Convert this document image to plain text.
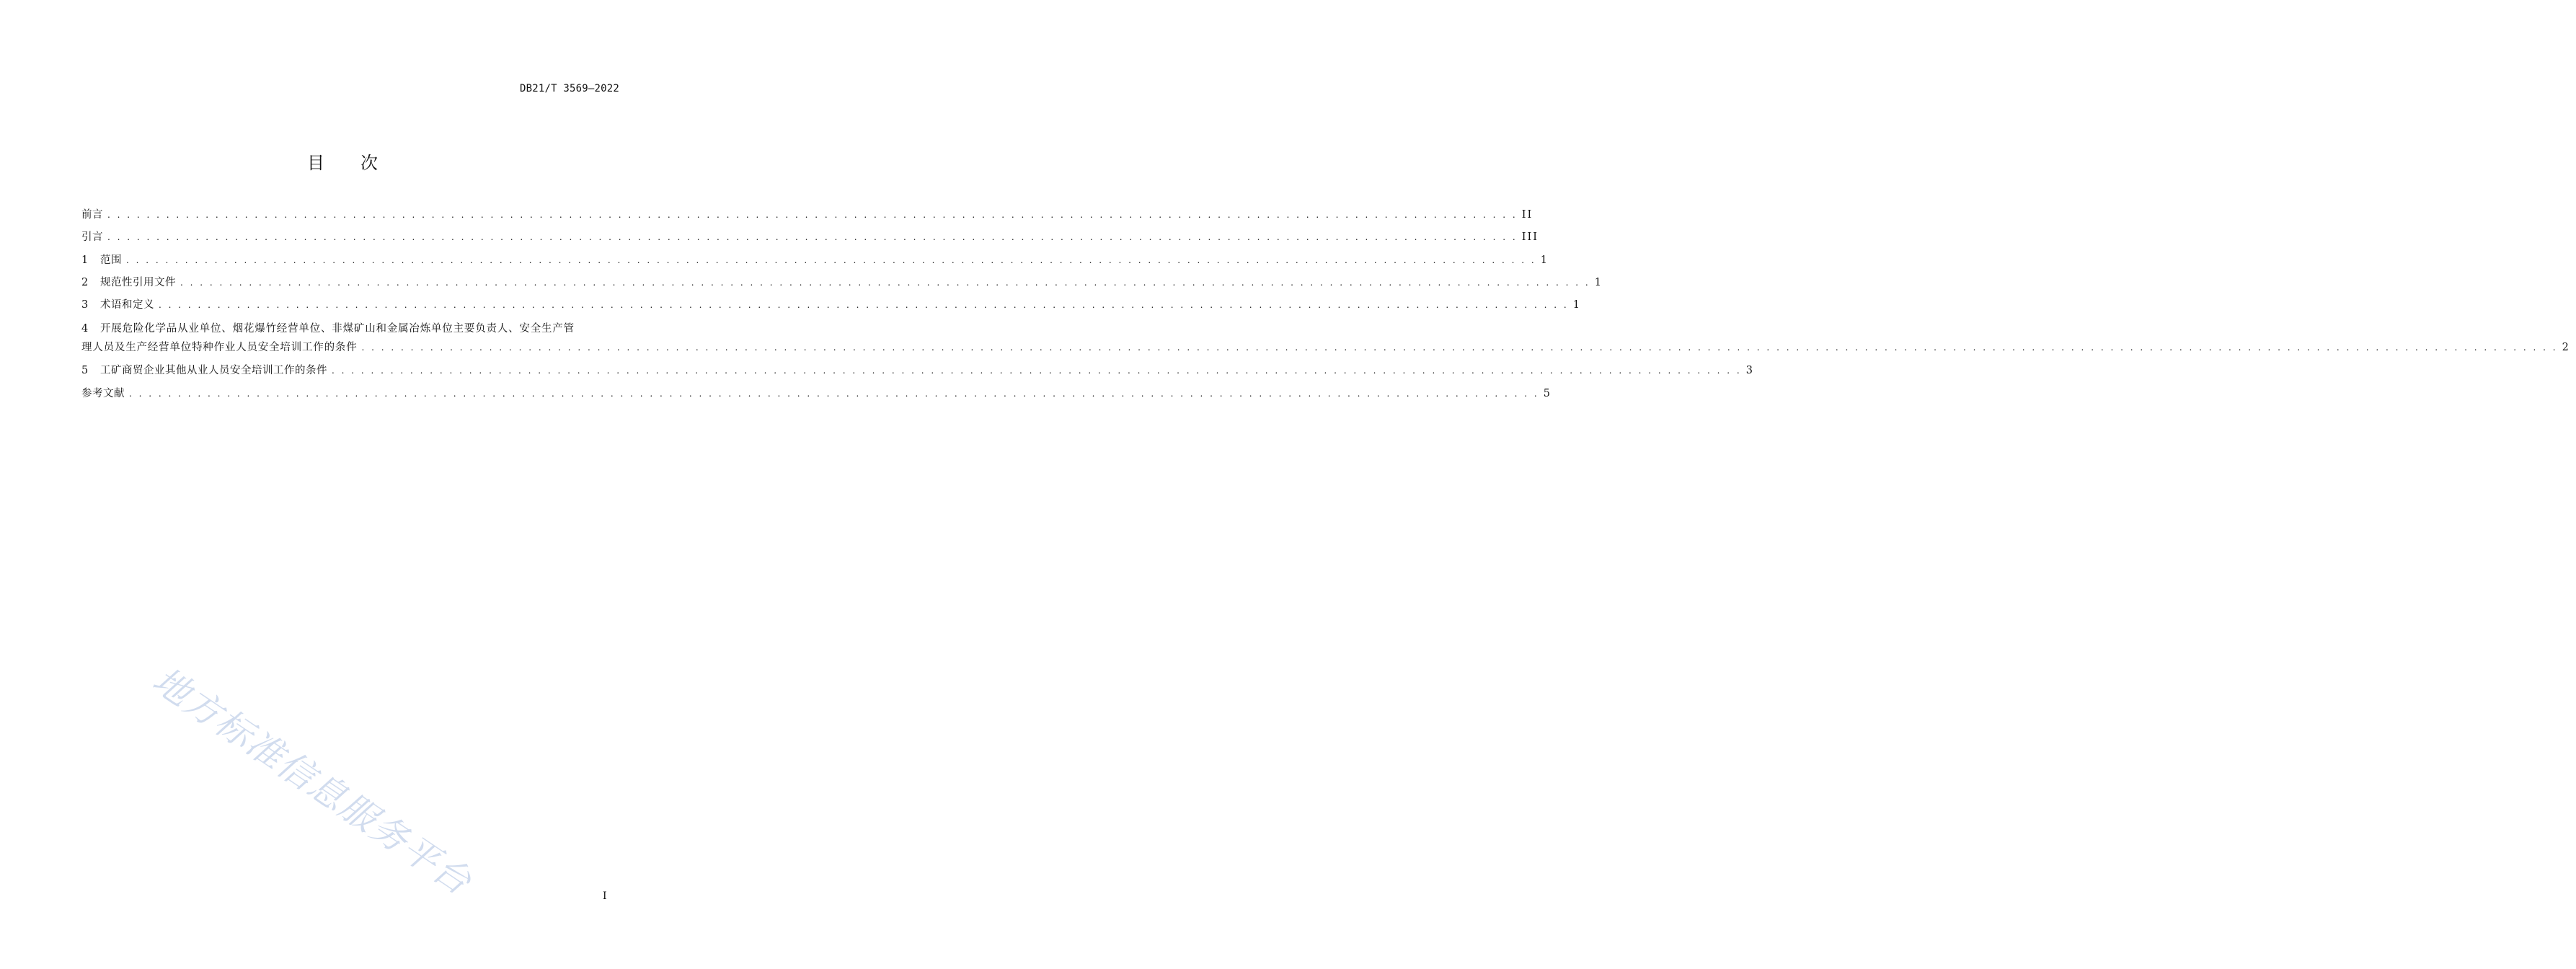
DB21/T 3569—2022
目次
前言 . . .	II
引言 . . .	III
1	范围 . . .	1
2	规范性引用文件 . . .	1
3	术语和定义 . . .	1
4	开展危险化学品从业单位、烟花爆竹经营单位、非煤矿山和金属冶炼单位主要负责人、安全生产管
理人员及生产经营单位特种作业人员安全培训工作的条件 . . . . . . . . . . . . . . . . . . . . . . . . . . . . . . . . . . . . . . . . . . . . . . . . . . . . . . . . . . . . . . . . . . . . . . . . . . . . . . . . . . .	2
5	工矿商贸企业其他从业人员安全培训工作的条件 . . .	3
参考文献 . . .	5
地方标准信息服务平台	I
